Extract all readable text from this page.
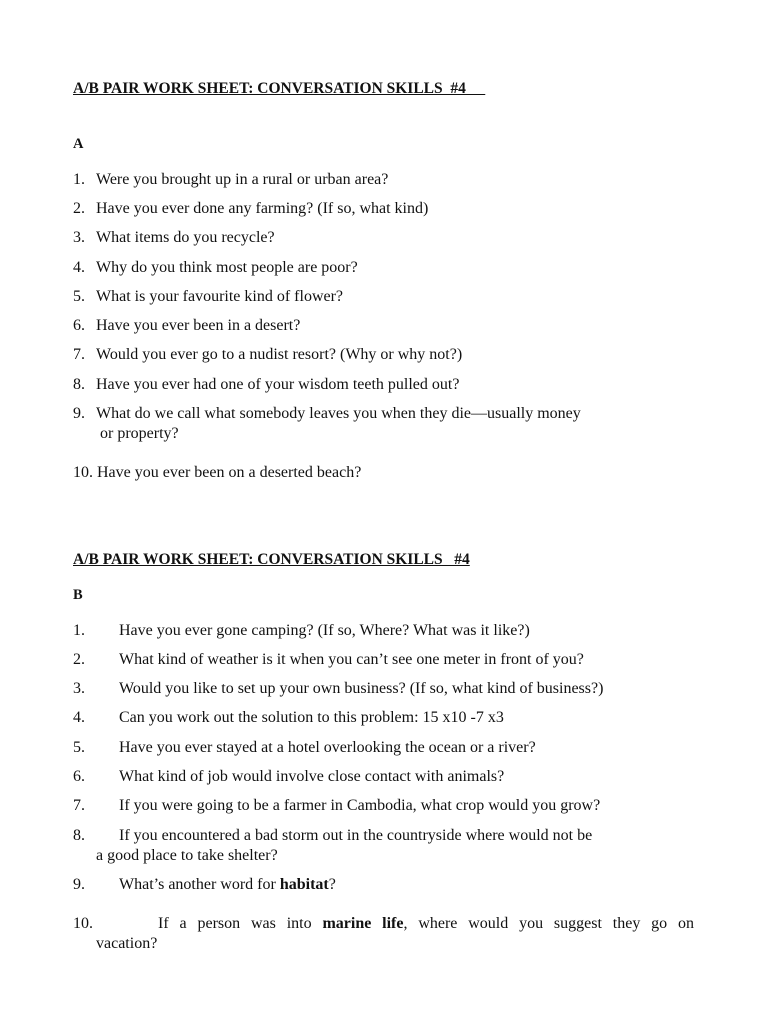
A/B PAIR WORK SHEET: CONVERSATION SKILLS  #4
A
1. Were you brought up in a rural or urban area?
2. Have you ever done any farming? (If so, what kind)
3. What items do you recycle?
4. Why do you think most people are poor?
5. What is your favourite kind of flower?
6. Have you ever been in a desert?
7. Would you ever go to a nudist resort? (Why or why not?)
8. Have you ever had one of your wisdom teeth pulled out?
9. What do we call what somebody leaves you when they die—usually money
or property?
10. Have you ever been on a deserted beach?
A/B PAIR WORK SHEET: CONVERSATION SKILLS   #4
B
1. Have you ever gone camping? (If so, Where? What was it like?)
2. What kind of weather is it when you can’t see one meter in front of you?
3. Would you like to set up your own business? (If so, what kind of business?)
4. Can you work out the solution to this problem: 15 x10 -7 x3
5. Have you ever stayed at a hotel overlooking the ocean or a river?
6. What kind of job would involve close contact with animals?
7. If you were going to be a farmer in Cambodia, what crop would you grow?
8. If you encountered a bad storm out in the countryside where would not be
a good place to take shelter?
9. What’s another word for habitat?
10.	If a person was into marine life, where would you suggest they go on
vacation?
